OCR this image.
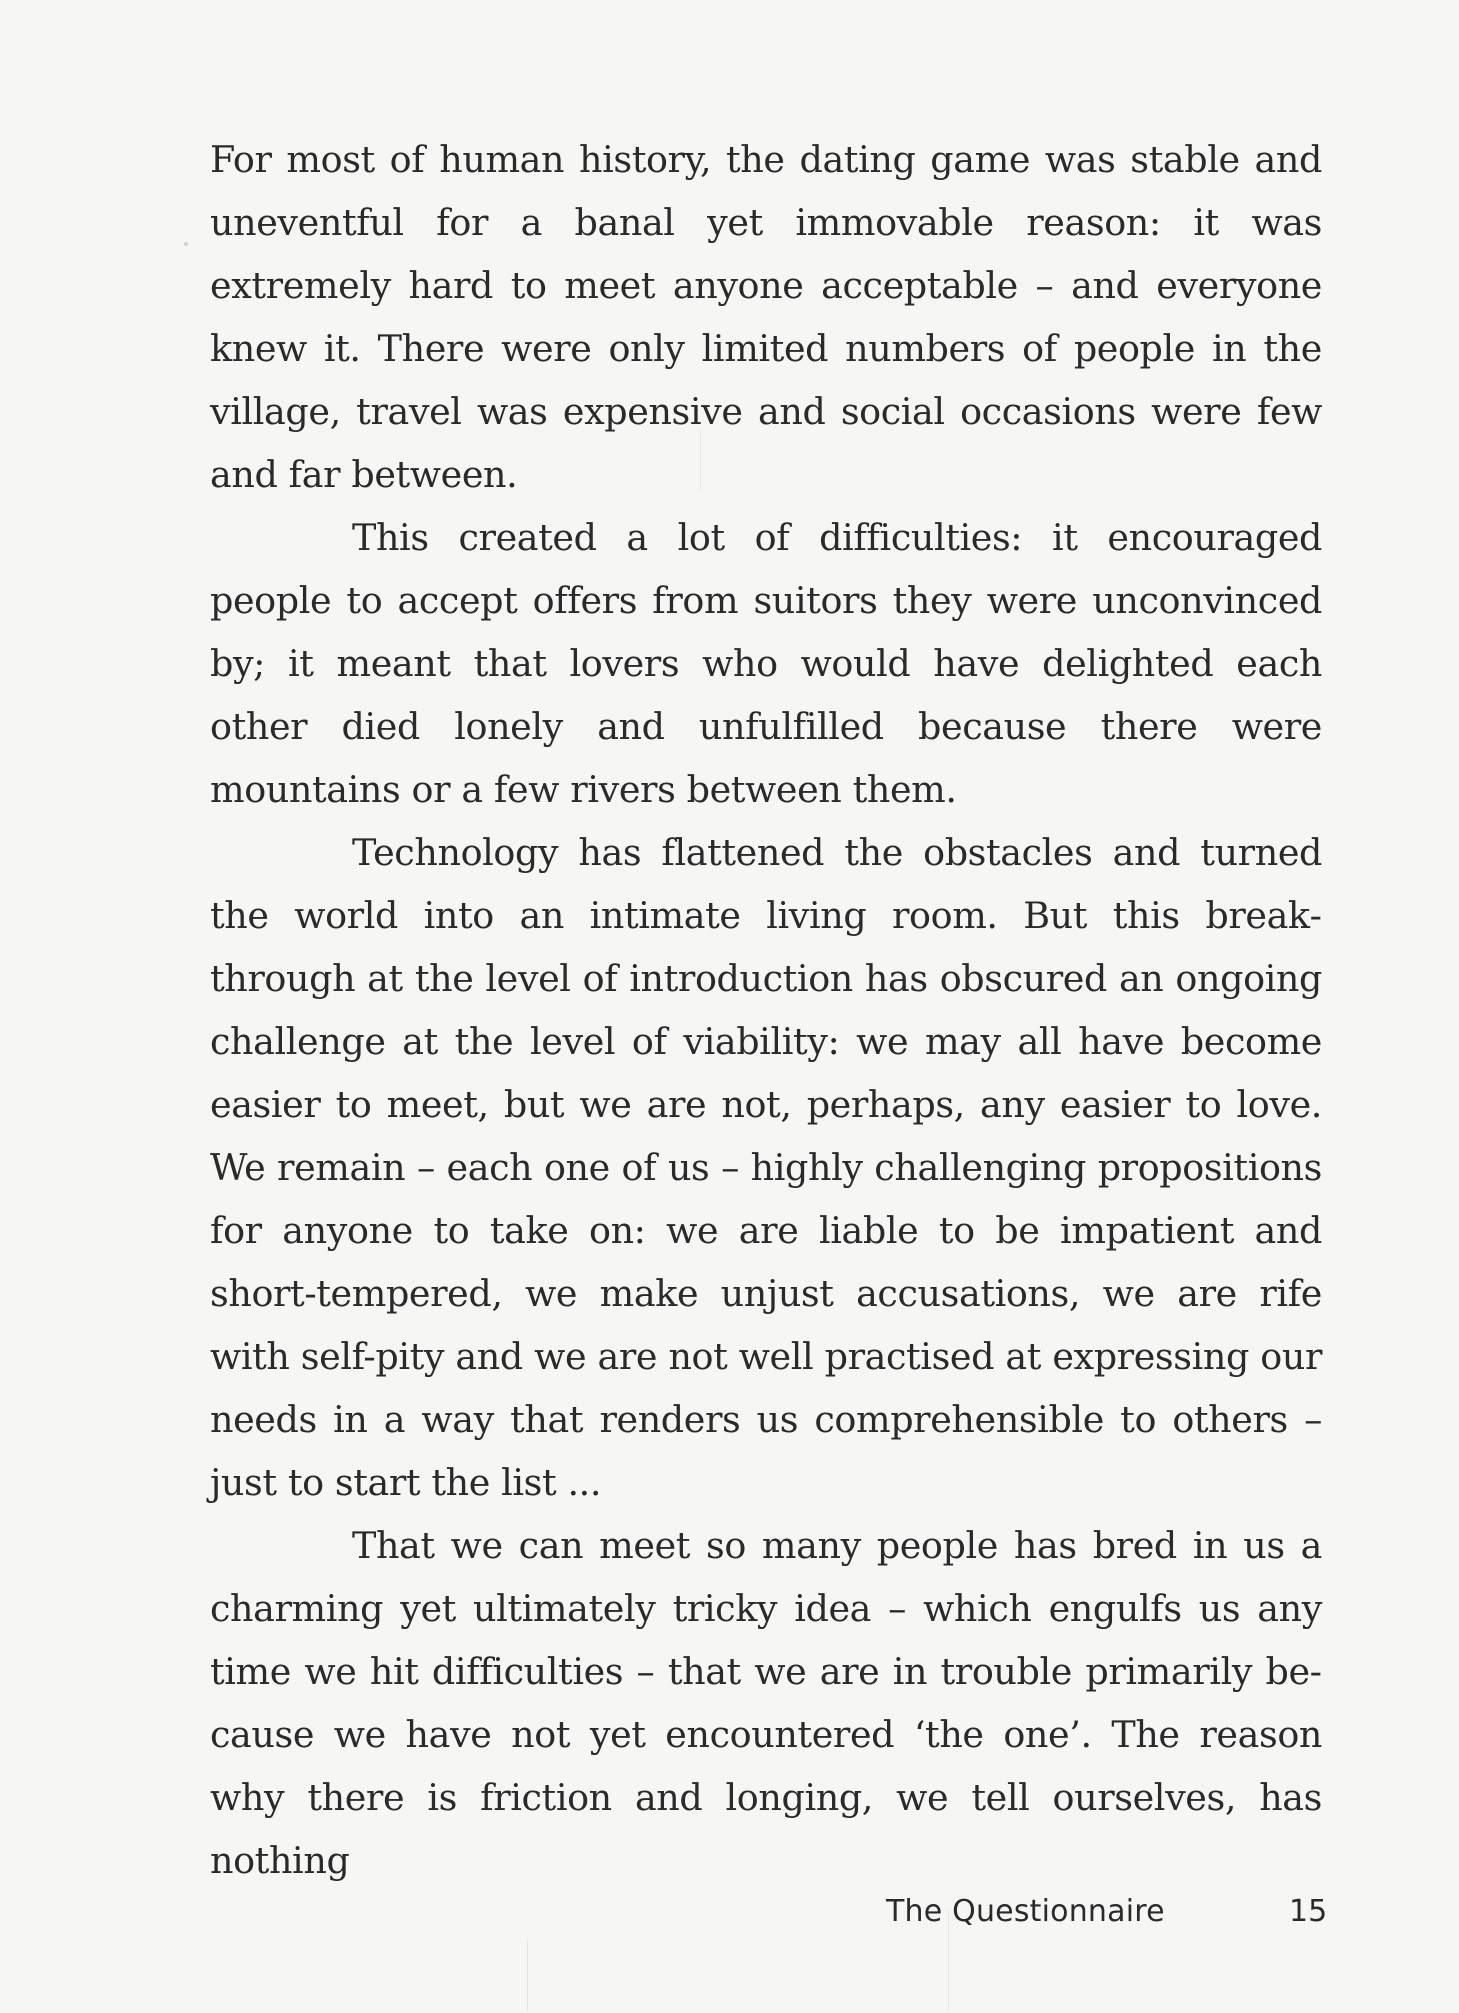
For most of human history, the dating game was stable and uneventful for a banal yet immovable reason: it was extremely hard to meet anyone acceptable – and everyone knew it. There were only limited numbers of people in the village, travel was expensive and social occasions were few and far between.

This created a lot of difficulties: it encouraged people to accept offers from suitors they were unconvinced by; it meant that lovers who would have delighted each other died lonely and unfulfilled because there were mountains or a few rivers between them.

Technology has flattened the obstacles and turned the world into an intimate living room. But this breakthrough at the level of introduction has obscured an ongoing challenge at the level of viability: we may all have become easier to meet, but we are not, perhaps, any easier to love. We remain – each one of us – highly challenging propositions for anyone to take on: we are liable to be impatient and short-tempered, we make unjust accusations, we are rife with self-pity and we are not well practised at expressing our needs in a way that renders us comprehensible to others – just to start the list ...

That we can meet so many people has bred in us a charming yet ultimately tricky idea – which engulfs us any time we hit difficulties – that we are in trouble primarily because we have not yet encountered ‘the one’. The reason why there is friction and longing, we tell ourselves, has nothing

The Questionnaire	15
